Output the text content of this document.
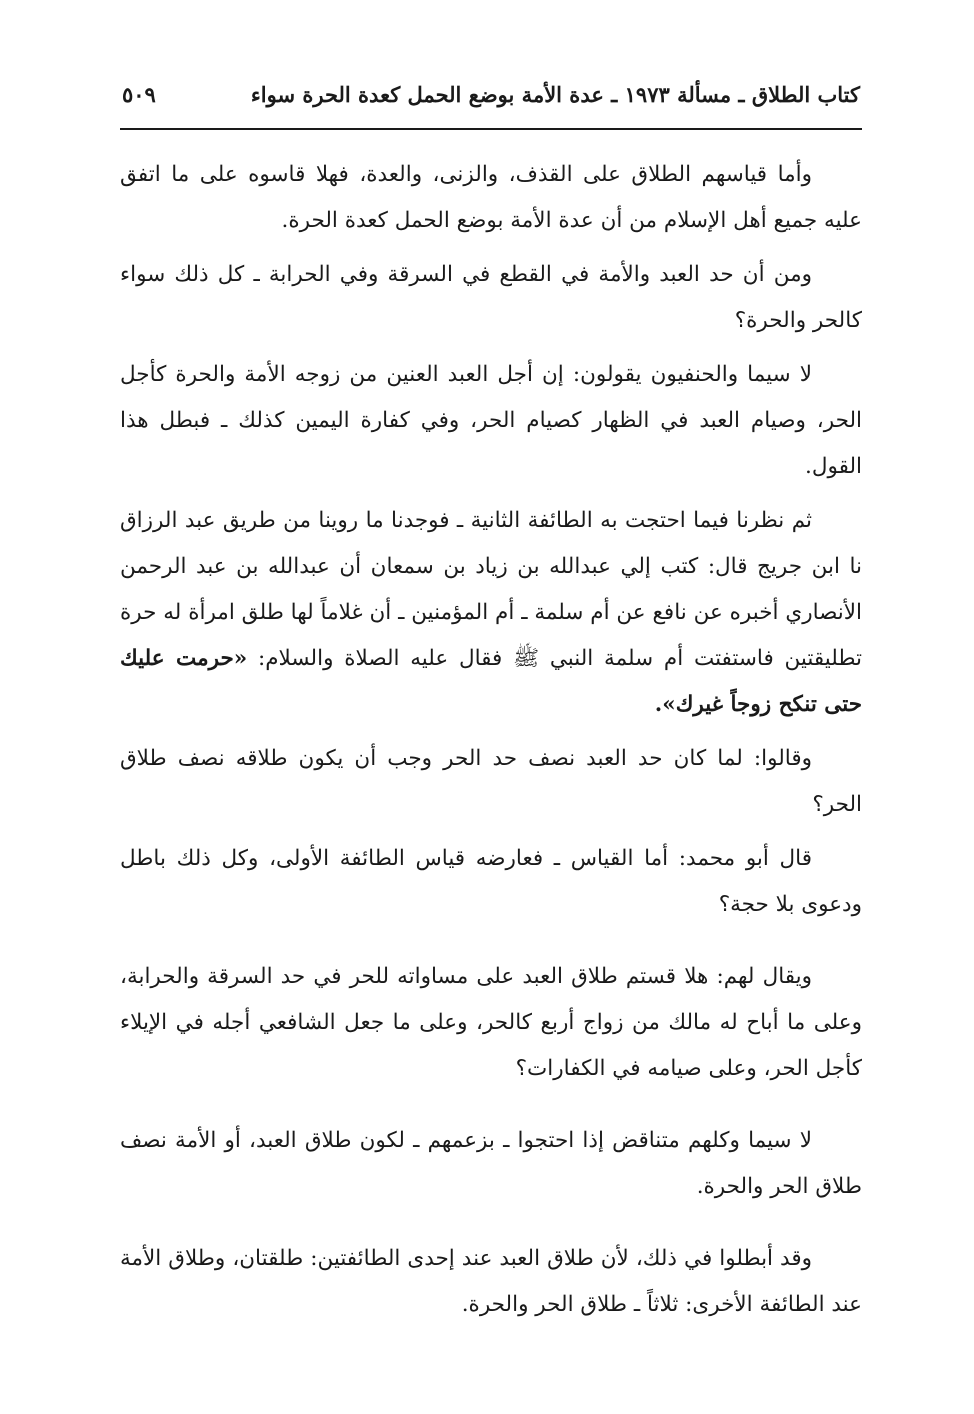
كتاب الطلاق ـ مسألة ١٩٧٣ ـ عدة الأمة بوضع الحمل كعدة الحرة سواء
٥٠٩

وأما قياسهم الطلاق على القذف، والزنى، والعدة، فهلا قاسوه على ما اتفق عليه جميع أهل الإسلام من أن عدة الأمة بوضع الحمل كعدة الحرة.

ومن أن حد العبد والأمة في القطع في السرقة وفي الحرابة ـ كل ذلك سواء كالحر والحرة؟

لا سيما والحنفيون يقولون: إن أجل العبد العنين من زوجه الأمة والحرة كأجل الحر، وصيام العبد في الظهار كصيام الحر، وفي كفارة اليمين كذلك ـ فبطل هذا القول.

ثم نظرنا فيما احتجت به الطائفة الثانية ـ فوجدنا ما روينا من طريق عبد الرزاق نا ابن جريج قال: كتب إلي عبدالله بن زياد بن سمعان أن عبدالله بن عبد الرحمن الأنصاري أخبره عن نافع عن أم سلمة ـ أم المؤمنين ـ أن غلاماً لها طلق امرأة له حرة تطليقتين فاستفتت أم سلمة النبي ﷺ فقال عليه الصلاة والسلام: «حرمت عليك حتى تنكح زوجاً غيرك».

وقالوا: لما كان حد العبد نصف حد الحر وجب أن يكون طلاقه نصف طلاق الحر؟

قال أبو محمد: أما القياس ـ فعارضه قياس الطائفة الأولى، وكل ذلك باطل ودعوى بلا حجة؟

ويقال لهم: هلا قستم طلاق العبد على مساواته للحر في حد السرقة والحرابة، وعلى ما أباح له مالك من زواج أربع كالحر، وعلى ما جعل الشافعي أجله في الإيلاء كأجل الحر، وعلى صيامه في الكفارات؟

لا سيما وكلهم متناقض إذا احتجوا ـ بزعمهم ـ لكون طلاق العبد، أو الأمة نصف طلاق الحر والحرة.

وقد أبطلوا في ذلك، لأن طلاق العبد عند إحدى الطائفتين: طلقتان، وطلاق الأمة عند الطائفة الأخرى: ثلاثاً ـ طلاق الحر والحرة.
